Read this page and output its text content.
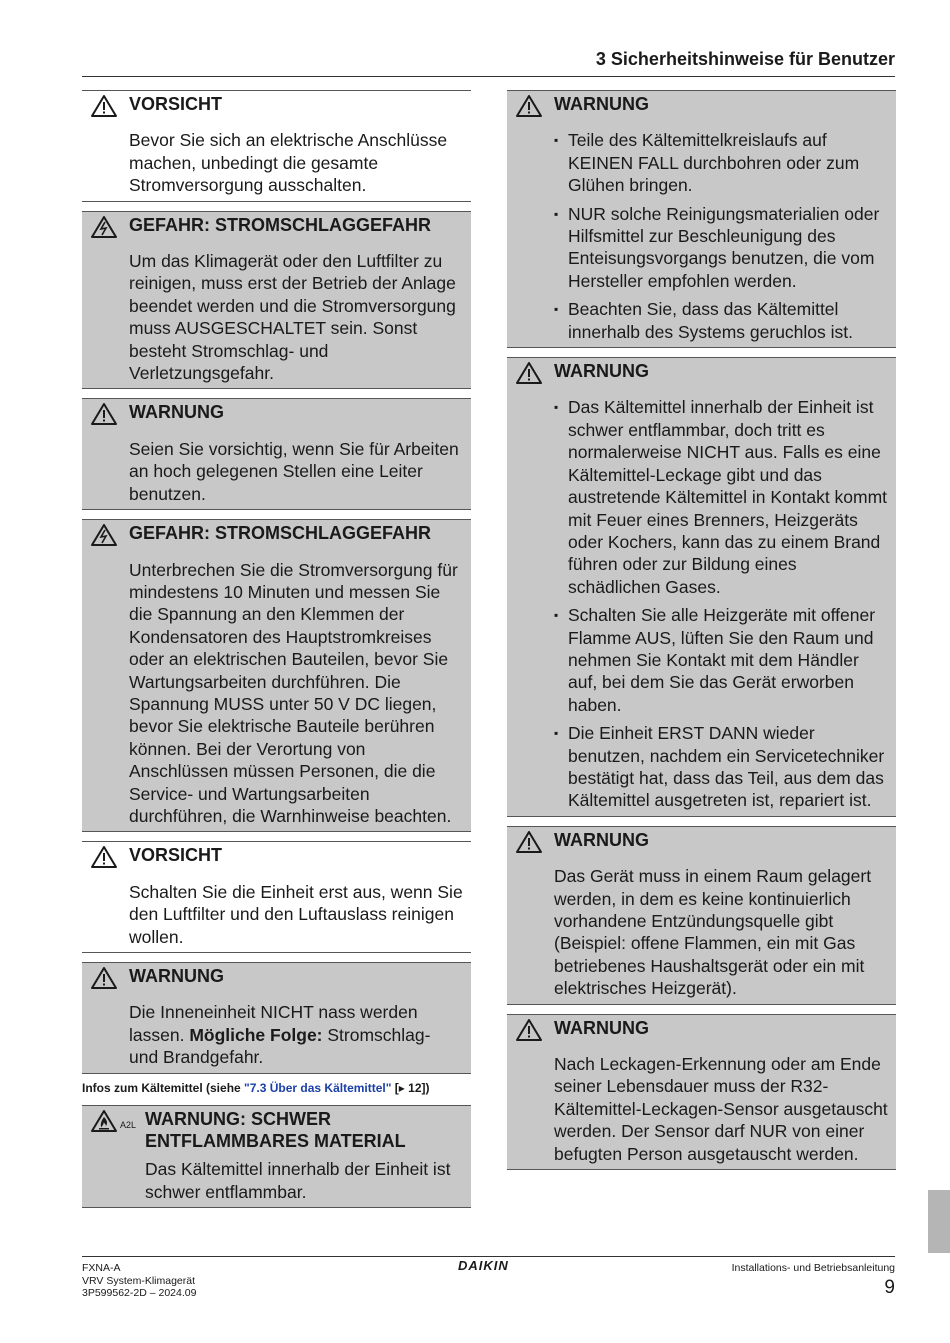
3 Sicherheitshinweise für Benutzer
VORSICHT

Bevor Sie sich an elektrische Anschlüsse machen, unbedingt die gesamte Stromversorgung ausschalten.

GEFAHR: STROMSCHLAGGEFAHR

Um das Klimagerät oder den Luftfilter zu reinigen, muss erst der Betrieb der Anlage beendet werden und die Stromversorgung muss AUSGESCHALTET sein. Sonst besteht Stromschlag- und Verletzungsgefahr.

WARNUNG

Seien Sie vorsichtig, wenn Sie für Arbeiten an hoch gelegenen Stellen eine Leiter benutzen.

GEFAHR: STROMSCHLAGGEFAHR

Unterbrechen Sie die Stromversorgung für mindestens 10 Minuten und messen Sie die Spannung an den Klemmen der Kondensatoren des Hauptstromkreises oder an elektrischen Bauteilen, bevor Sie Wartungsarbeiten durchführen. Die Spannung MUSS unter 50 V DC liegen, bevor Sie elektrische Bauteile berühren können. Bei der Verortung von Anschlüssen müssen Personen, die die Service- und Wartungsarbeiten durchführen, die Warnhinweise beachten.

VORSICHT

Schalten Sie die Einheit erst aus, wenn Sie den Luftfilter und den Luftauslass reinigen wollen.

WARNUNG

Die Inneneinheit NICHT nass werden lassen. Mögliche Folge: Stromschlag- und Brandgefahr.

Infos zum Kältemittel (siehe "7.3 Über das Kältemittel" [▸ 12])
A2L WARNUNG: SCHWER ENTFLAMMBARES MATERIAL

Das Kältemittel innerhalb der Einheit ist schwer entflammbar.

WARNUNG
▪ Teile des Kältemittelkreislaufs auf KEINEN FALL durchbohren oder zum Glühen bringen.
▪ NUR solche Reinigungsmaterialien oder Hilfsmittel zur Beschleunigung des Enteisungsvorgangs benutzen, die vom Hersteller empfohlen werden.
▪ Beachten Sie, dass das Kältemittel innerhalb des Systems geruchlos ist.
WARNUNG
▪ Das Kältemittel innerhalb der Einheit ist schwer entflammbar, doch tritt es normalerweise NICHT aus. Falls es eine Kältemittel-Leckage gibt und das austretende Kältemittel in Kontakt kommt mit Feuer eines Brenners, Heizgeräts oder Kochers, kann das zu einem Brand führen oder zur Bildung eines schädlichen Gases.
▪ Schalten Sie alle Heizgeräte mit offener Flamme AUS, lüften Sie den Raum und nehmen Sie Kontakt mit dem Händler auf, bei dem Sie das Gerät erworben haben.
▪ Die Einheit ERST DANN wieder benutzen, nachdem ein Servicetechniker bestätigt hat, dass das Teil, aus dem das Kältemittel ausgetreten ist, repariert ist.
WARNUNG

Das Gerät muss in einem Raum gelagert werden, in dem es keine kontinuierlich vorhandene Entzündungsquelle gibt (Beispiel: offene Flammen, ein mit Gas betriebenes Haushaltsgerät oder ein mit elektrisches Heizgerät).

WARNUNG

Nach Leckagen-Erkennung oder am Ende seiner Lebensdauer muss der R32-Kältemittel-Leckagen-Sensor ausgetauscht werden. Der Sensor darf NUR von einer befugten Person ausgetauscht werden.

FXNA-A
VRV System-Klimagerät
3P599562-2D – 2024.09
DAIKIN	Installations- und Betriebsanleitung
9
